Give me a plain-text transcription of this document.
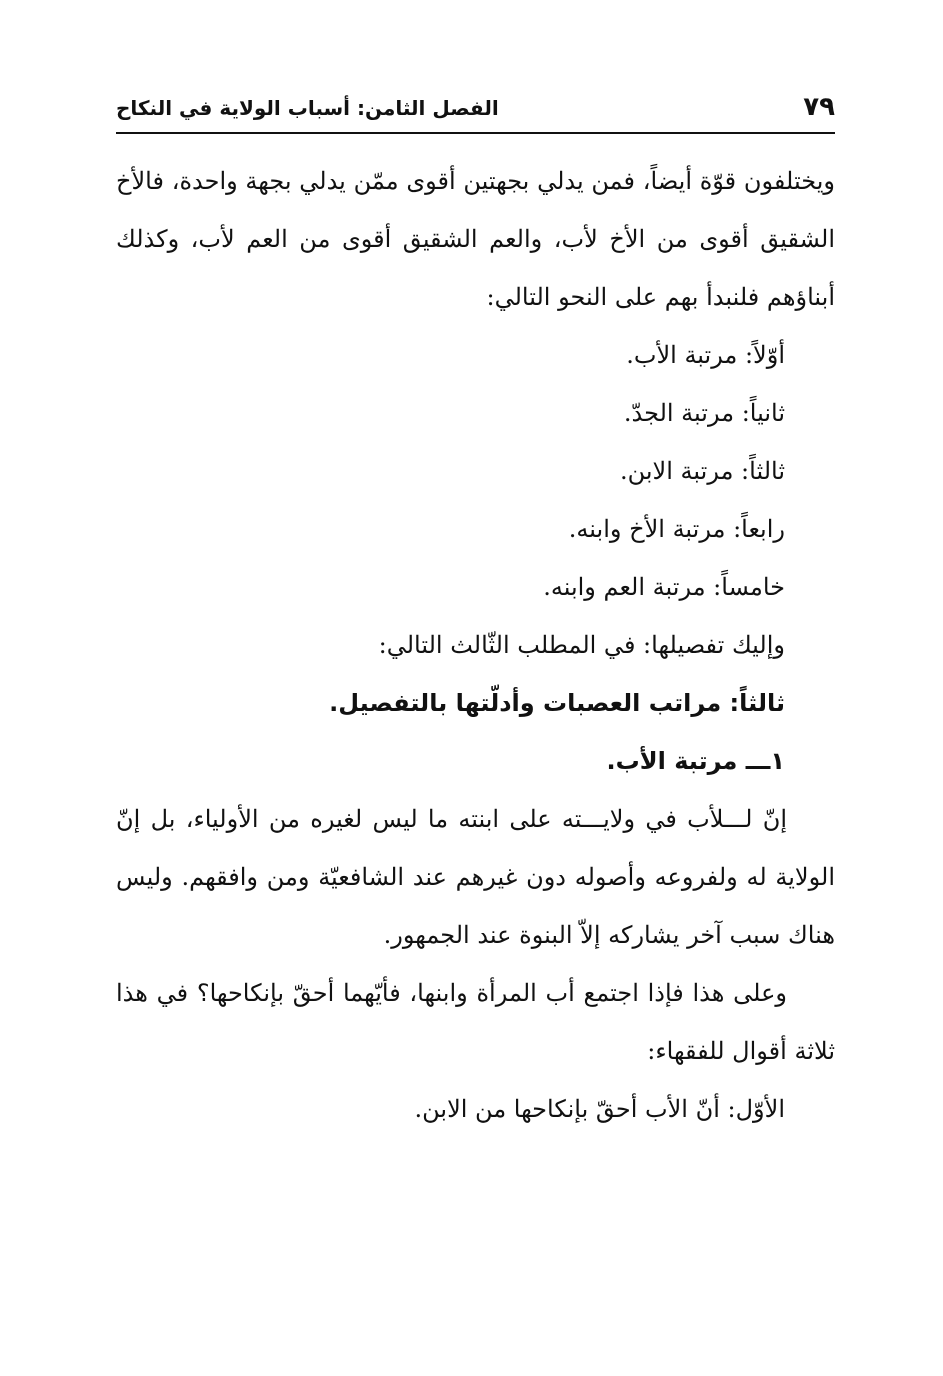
٧٩
الفصل الثامن: أسباب الولاية في النكاح

ويختلفون قوّة أيضاً، فمن يدلي بجهتين أقوى ممّن يدلي بجهة واحدة، فالأخ الشقيق أقوى من الأخ لأب، والعم الشقيق أقوى من العم لأب، وكذلك أبناؤهم فلنبدأ بهم على النحو التالي:

أوّلاً: مرتبة الأب.

ثانياً: مرتبة الجدّ.

ثالثاً: مرتبة الابن.

رابعاً: مرتبة الأخ وابنه.

خامساً: مرتبة العم وابنه.

وإليك تفصيلها: في المطلب الثّالث التالي:

ثالثاً: مراتب العصبات وأدلّتها بالتفصيل.

١ـــ مرتبة الأب.

إنّ لـــلأب في ولايـــته على ابنته ما ليس لغيره من الأولياء، بل إنّ الولاية له ولفروعه وأصوله دون غيرهم عند الشافعيّة ومن وافقهم. وليس هناك سبب آخر يشاركه إلاّ البنوة عند الجمهور.

وعلى هذا فإذا اجتمع أب المرأة وابنها، فأيّهما أحقّ بإنكاحها؟ في هذا ثلاثة أقوال للفقهاء:

الأوّل: أنّ الأب أحقّ بإنكاحها من الابن.
